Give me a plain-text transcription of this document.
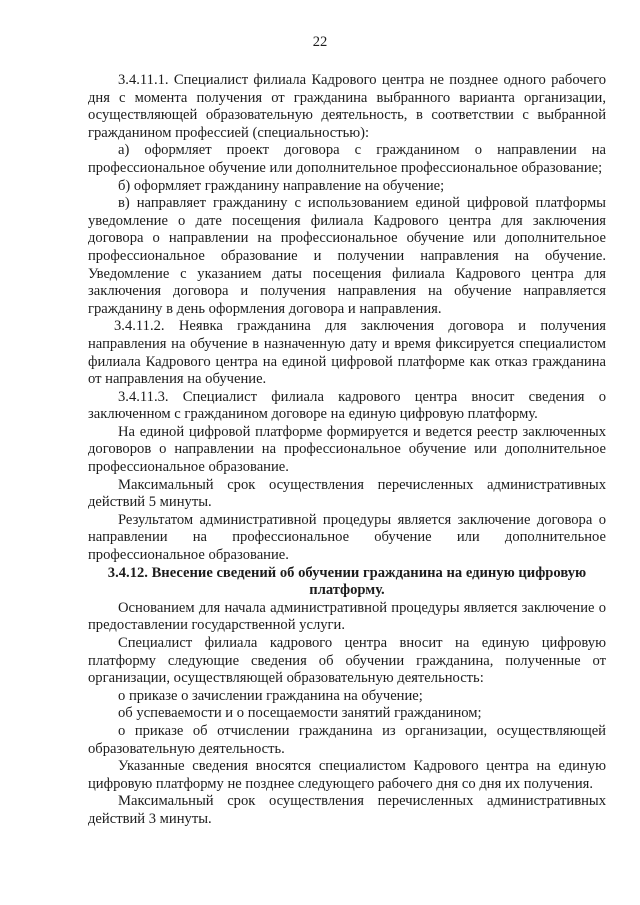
22

3.4.11.1. Специалист филиала Кадрового центра не позднее одного рабочего дня с момента получения от гражданина выбранного варианта организации, осуществляющей образовательную деятельность, в соответствии с выбранной гражданином профессией (специальностью):

а) оформляет проект договора с гражданином о направлении на профессиональное обучение или дополнительное профессиональное образование;

б) оформляет гражданину направление на обучение;

в) направляет гражданину с использованием единой цифровой платформы уведомление о дате посещения филиала Кадрового центра для заключения договора о направлении на профессиональное обучение или дополнительное профессиональное образование и получении направления на обучение. Уведомление с указанием даты посещения филиала Кадрового центра для заключения договора и получения направления на обучение направляется гражданину в день оформления договора и направления.

3.4.11.2. Неявка гражданина для заключения договора и получения направления на обучение в назначенную дату и время фиксируется специалистом филиала Кадрового центра на единой цифровой платформе как отказ гражданина от направления на обучение.

3.4.11.3. Специалист филиала кадрового центра вносит сведения о заключенном с гражданином договоре на единую цифровую платформу.

На единой цифровой платформе формируется и ведется реестр заключенных договоров о направлении на профессиональное обучение или дополнительное профессиональное образование.

Максимальный срок осуществления перечисленных административных действий 5 минуты.

Результатом административной процедуры является заключение договора о направлении на профессиональное обучение или дополнительное профессиональное образование.

3.4.12. Внесение сведений об обучении гражданина на единую цифровую платформу.

Основанием для начала административной процедуры является заключение о предоставлении государственной услуги.

Специалист филиала кадрового центра вносит на единую цифровую платформу следующие сведения об обучении гражданина, полученные от организации, осуществляющей образовательную деятельность:

о приказе о зачислении гражданина на обучение;

об успеваемости и о посещаемости занятий гражданином;

о приказе об отчислении гражданина из организации, осуществляющей образовательную деятельность.

Указанные сведения вносятся специалистом Кадрового центра на единую цифровую платформу не позднее следующего рабочего дня со дня их получения.

Максимальный срок осуществления перечисленных административных действий 3 минуты.
